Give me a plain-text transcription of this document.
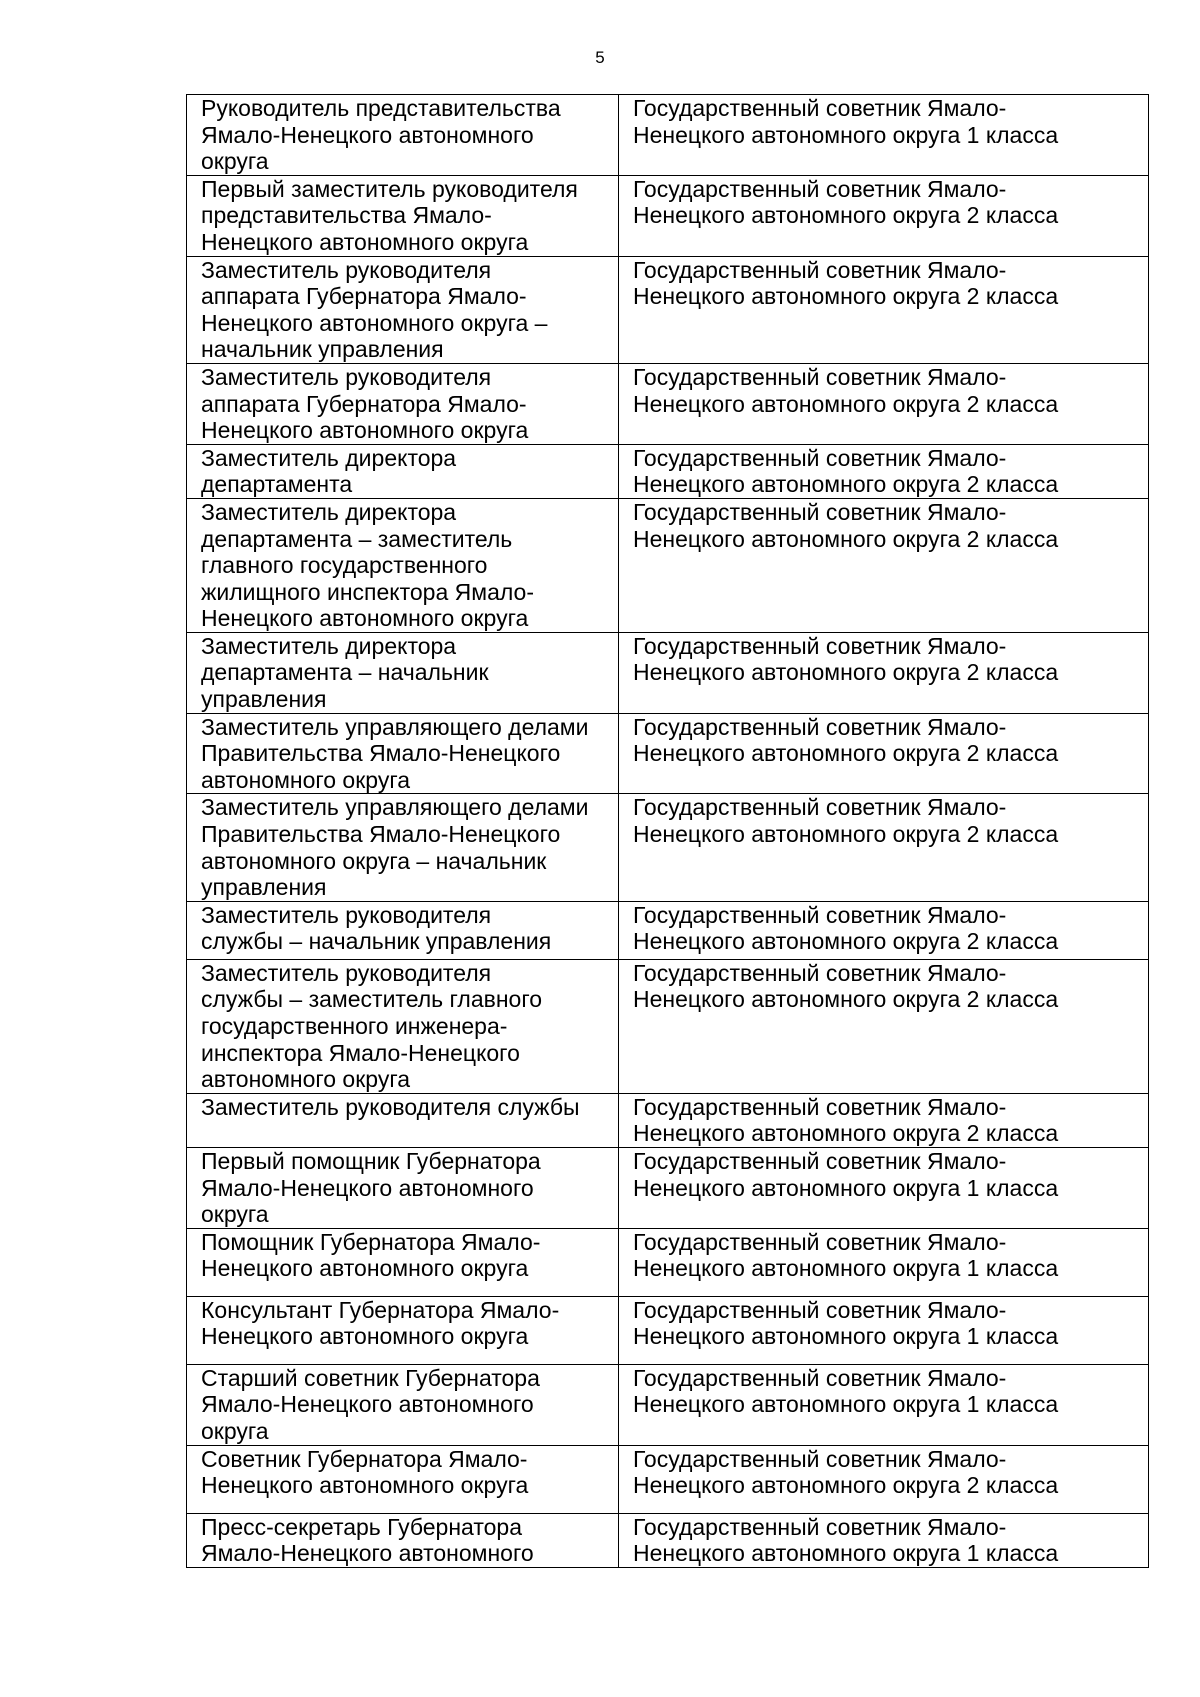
5
Руководитель представительства
Ямало-Ненецкого автономного
округа	Государственный советник Ямало-
Ненецкого автономного округа 1 класса

Первый заместитель руководителя
представительства Ямало-
Ненецкого автономного округа	Государственный советник Ямало-
Ненецкого автономного округа 2 класса

Заместитель руководителя
аппарата Губернатора Ямало-
Ненецкого автономного округа –
начальник управления	Государственный советник Ямало-
Ненецкого автономного округа 2 класса

Заместитель руководителя
аппарата Губернатора Ямало-
Ненецкого автономного округа	Государственный советник Ямало-
Ненецкого автономного округа 2 класса

Заместитель директора
департамента	Государственный советник Ямало-
Ненецкого автономного округа 2 класса

Заместитель директора
департамента – заместитель
главного государственного
жилищного инспектора Ямало-
Ненецкого автономного округа	Государственный советник Ямало-
Ненецкого автономного округа 2 класса

Заместитель директора
департамента – начальник
управления	Государственный советник Ямало-
Ненецкого автономного округа 2 класса

Заместитель управляющего делами
Правительства Ямало-Ненецкого
автономного округа	Государственный советник Ямало-
Ненецкого автономного округа 2 класса

Заместитель управляющего делами
Правительства Ямало-Ненецкого
автономного округа – начальник
управления	Государственный советник Ямало-
Ненецкого автономного округа 2 класса

Заместитель руководителя
службы – начальник управления	Государственный советник Ямало-
Ненецкого автономного округа 2 класса

Заместитель руководителя
службы – заместитель главного
государственного инженера-
инспектора Ямало-Ненецкого
автономного округа	Государственный советник Ямало-
Ненецкого автономного округа 2 класса

Заместитель руководителя службы	Государственный советник Ямало-
Ненецкого автономного округа 2 класса

Первый помощник Губернатора
Ямало-Ненецкого автономного
округа	Государственный советник Ямало-
Ненецкого автономного округа 1 класса

Помощник Губернатора Ямало-
Ненецкого автономного округа	Государственный советник Ямало-
Ненецкого автономного округа 1 класса

Консультант Губернатора Ямало-
Ненецкого автономного округа	Государственный советник Ямало-
Ненецкого автономного округа 1 класса

Старший советник Губернатора
Ямало-Ненецкого автономного
округа	Государственный советник Ямало-
Ненецкого автономного округа 1 класса

Советник Губернатора Ямало-
Ненецкого автономного округа	Государственный советник Ямало-
Ненецкого автономного округа 2 класса

Пресс-секретарь Губернатора
Ямало-Ненецкого автономного	Государственный советник Ямало-
Ненецкого автономного округа 1 класса
